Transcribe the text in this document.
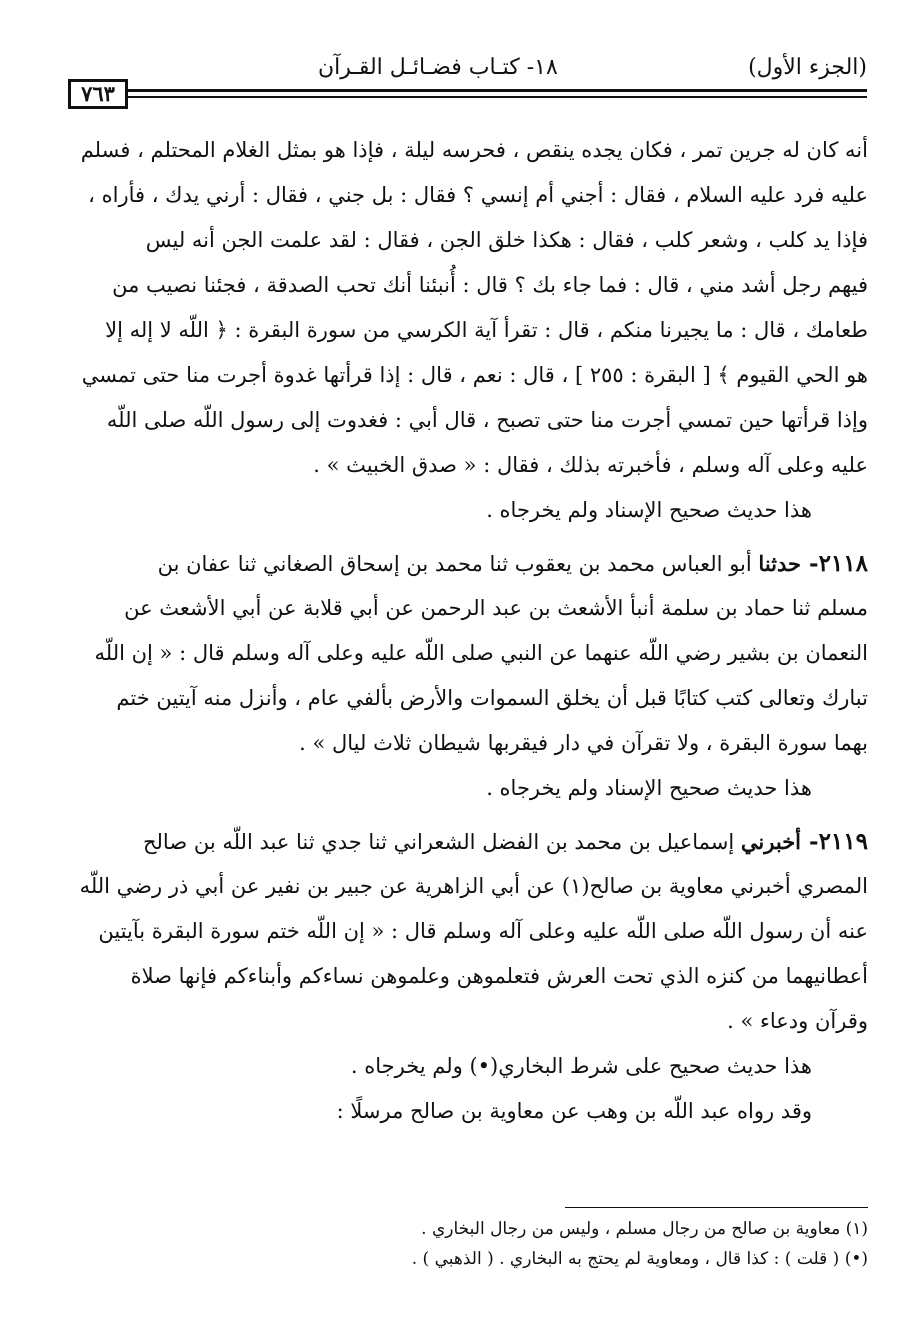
(الجزء الأول)
١٨- كتـاب فضـائـل القـرآن
٧٦٣
أنه كان له جرين تمر ، فكان يجده ينقص ، فحرسه ليلة ، فإذا هو بمثل الغلام المحتلم ، فسلم
عليه فرد عليه السلام ، فقال : أجني أم إنسي ؟ فقال : بل جني ، فقال : أرني يدك ، فأراه ،
فإذا يد كلب ، وشعر كلب ، فقال : هكذا خلق الجن ، فقال : لقد علمت الجن أنه ليس
فيهم رجل أشد مني ، قال : فما جاء بك ؟ قال : أُنبئنا أنك تحب الصدقة ، فجئنا نصيب من
طعامك ، قال : ما يجيرنا منكم ، قال : تقرأ آية الكرسي من سورة البقرة : ﴿ اللّه لا إله إلا
هو الحي القيوم ﴾ [ البقرة : ٢٥٥ ] ، قال : نعم ، قال : إذا قرأتها غدوة أجرت منا حتى تمسي
وإذا قرأتها حين تمسي أجرت منا حتى تصبح ، قال أبي : فغدوت إلى رسول اللّه صلى اللّه
عليه وعلى آله وسلم ، فأخبرته بذلك ، فقال : « صدق الخبيث » .
هذا حديث صحيح الإسناد ولم يخرجاه .
٢١١٨- حدثنا أبو العباس محمد بن يعقوب ثنا محمد بن إسحاق الصغاني ثنا عفان بن
مسلم ثنا حماد بن سلمة أنبأ الأشعث بن عبد الرحمن عن أبي قلابة عن أبي الأشعث عن
النعمان بن بشير رضي اللّه عنهما عن النبي صلى اللّه عليه وعلى آله وسلم قال : « إن اللّه
تبارك وتعالى كتب كتابًا قبل أن يخلق السموات والأرض بألفي عام ، وأنزل منه آيتين ختم
بهما سورة البقرة ، ولا تقرآن في دار فيقربها شيطان ثلاث ليال » .
هذا حديث صحيح الإسناد ولم يخرجاه .
٢١١٩- أخبرني إسماعيل بن محمد بن الفضل الشعراني ثنا جدي ثنا عبد اللّه بن صالح
المصري أخبرني معاوية بن صالح(١) عن أبي الزاهرية عن جبير بن نفير عن أبي ذر رضي اللّه
عنه أن رسول اللّه صلى اللّه عليه وعلى آله وسلم قال : « إن اللّه ختم سورة البقرة بآيتين
أعطانيهما من كنزه الذي تحت العرش فتعلموهن وعلموهن نساءكم وأبناءكم فإنها صلاة
وقرآن ودعاء » .
هذا حديث صحيح على شرط البخاري(•) ولم يخرجاه .
وقد رواه عبد اللّه بن وهب عن معاوية بن صالح مرسلًا :
(١) معاوية بن صالح من رجال مسلم ، وليس من رجال البخاري .
(•) ( قلت ) : كذا قال ، ومعاوية لم يحتج به البخاري . ( الذهبي ) .
